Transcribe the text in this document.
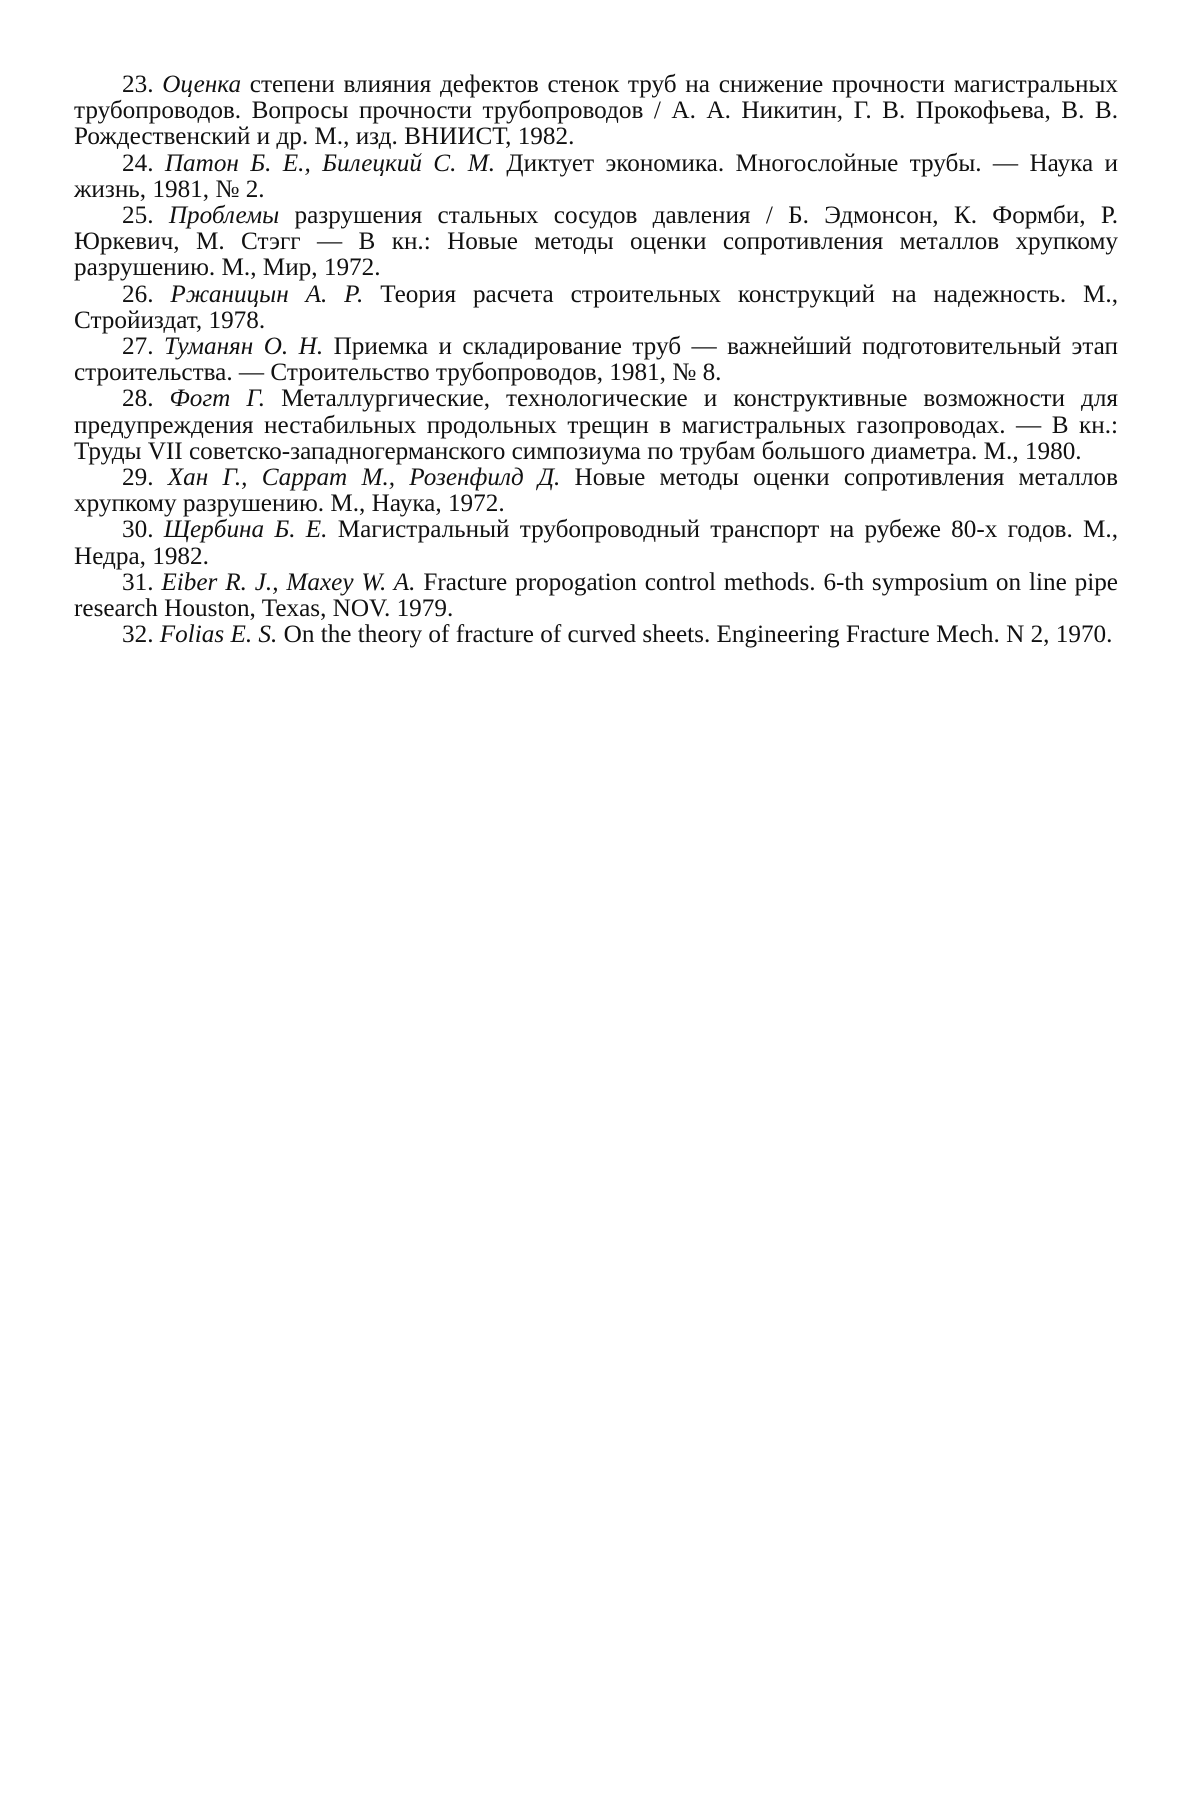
23. Оценка степени влияния дефектов стенок труб на снижение прочности магистральных трубопроводов. Вопросы прочности трубопроводов / А. А. Никитин, Г. В. Прокофьева, В. В. Рождественский и др. М., изд. ВНИИСТ, 1982.

24. Патон Б. Е., Билецкий С. М. Диктует экономика. Многослойные трубы. — Наука и жизнь, 1981, № 2.

25. Проблемы разрушения стальных сосудов давления / Б. Эдмонсон, К. Формби, Р. Юркевич, М. Стэгг — В кн.: Новые методы оценки сопротивления металлов хрупкому разрушению. М., Мир, 1972.

26. Ржаницын А. Р. Теория расчета строительных конструкций на надежность. М., Стройиздат, 1978.

27. Туманян О. Н. Приемка и складирование труб — важнейший подготовительный этап строительства. — Строительство трубопроводов, 1981, № 8.

28. Фогт Г. Металлургические, технологические и конструктивные возможности для предупреждения нестабильных продольных трещин в магистральных газопроводах. — В кн.: Труды VII советско-западногерманского симпозиума по трубам большого диаметра. М., 1980.

29. Хан Г., Саррат М., Розенфилд Д. Новые методы оценки сопротивления металлов хрупкому разрушению. М., Наука, 1972.

30. Щербина Б. Е. Магистральный трубопроводный транспорт на рубеже 80-х годов. М., Недра, 1982.

31. Eiber R. J., Maxey W. A. Fracture propogation control methods. 6-th symposium on line pipe research Houston, Texas, NOV. 1979.

32. Folias E. S. On the theory of fracture of curved sheets. Engineering Fracture Mech. N 2, 1970.
